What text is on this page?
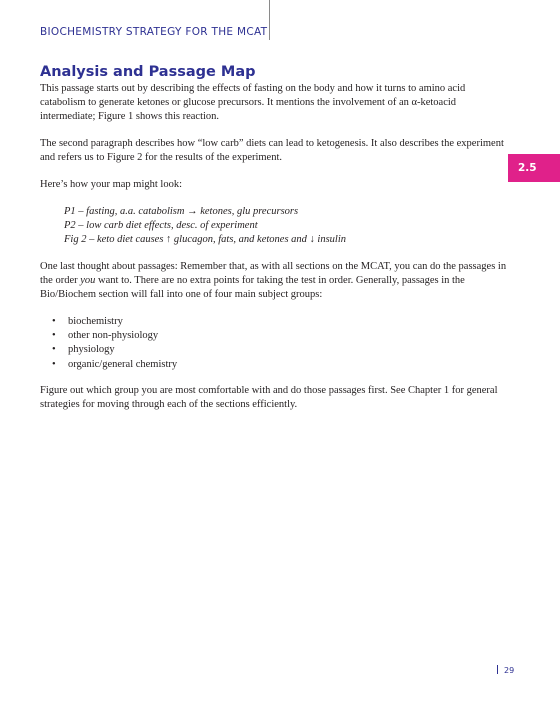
BIOCHEMISTRY STRATEGY FOR THE MCAT
2.5
Analysis and Passage Map

This passage starts out by describing the effects of fasting on the body and how it turns to amino acid catabolism to generate ketones or glucose precursors. It mentions the involvement of an α-ketoacid intermediate; Figure 1 shows this reaction.

The second paragraph describes how “low carb” diets can lead to ketogenesis. It also describes the experiment and refers us to Figure 2 for the results of the experiment.

Here’s how your map might look:

P1 – fasting, a.a. catabolism → ketones, glu precursors
P2 – low carb diet effects, desc. of experiment
Fig 2 – keto diet causes ↑ glucagon, fats, and ketones and ↓ insulin

One last thought about passages: Remember that, as with all sections on the MCAT, you can do the passages in the order you want to. There are no extra points for taking the test in order. Generally, passages in the Bio/Biochem section will fall into one of four main subject groups:

• biochemistry
• other non-physiology
• physiology
• organic/general chemistry

Figure out which group you are most comfortable with and do those passages first. See Chapter 1 for general strategies for moving through each of the sections efficiently.

29
